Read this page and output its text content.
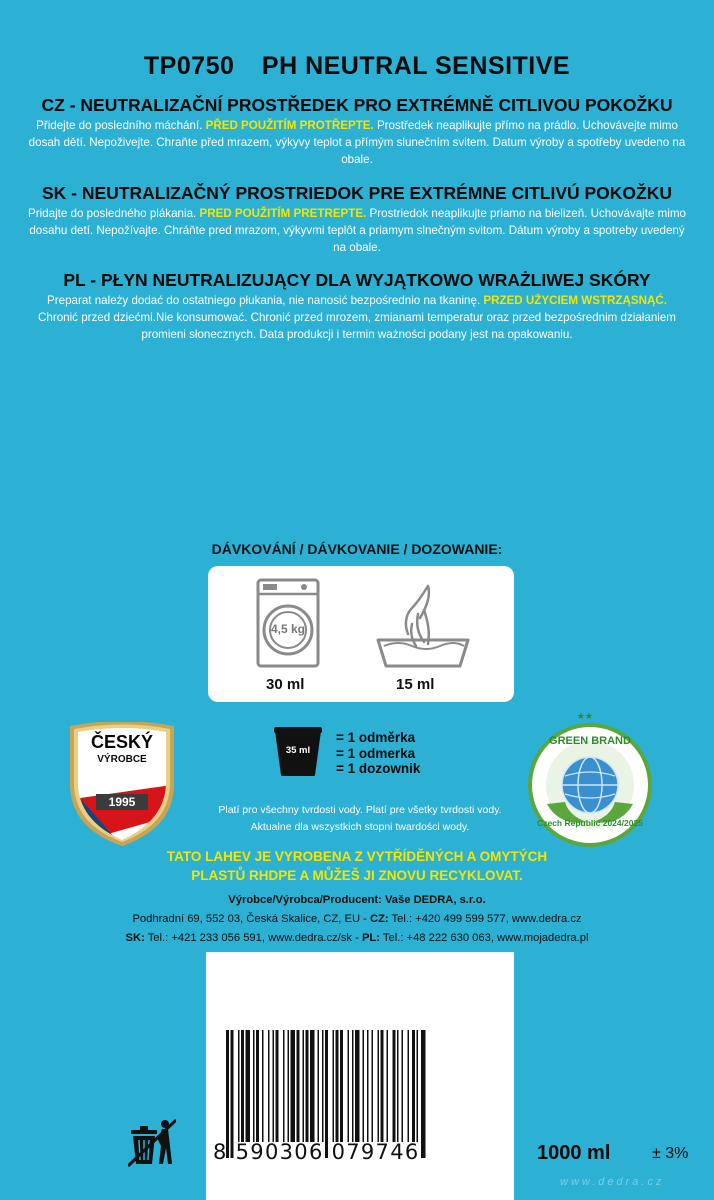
TP0750 PH NEUTRAL SENSITIVE
CZ - NEUTRALIZAČNÍ PROSTŘEDEK PRO EXTRÉMNĚ CITLIVOU POKOŽKU

Přidejte do posledního máchání. PŘED POUŽITÍM PROTŘEPTE. Prostředek neaplikujte přímo na prádlo. Uchovávejte mimo dosah dětí. Nepoživejte. Chraňte před mrazem, výkyvy teplot a přímým slunečním svitem. Datum výroby a spotřeby uvedeno na obale.

SK - NEUTRALIZAČNÝ PROSTRIEDOK PRE EXTRÉMNE CITLIVÚ POKOŽKU

Pridajte do posledného plákania. PRED POUŽITÍM PRETREPTE. Prostriedok neaplikujte priamo na bielizeň. Uchovávajte mimo dosahu detí. Nepožívajte. Chráňte pred mrazom, výkyvmi teplôt a priamym slnečným svitom. Dátum výroby a spotreby uvedený na obale.

PL - PŁYN NEUTRALIZUJĄCY DLA WYJĄTKOWO WRAŻLIWEJ SKÓRY

Preparat należy dodać do ostatniego płukania, nie nanosić bezpośrednio na tkaninę. PRZED UŻYCIEM WSTRZĄSNĄĆ. Chronić przed dziećmi.Nie konsumować. Chronić przed mrozem, zmianami temperatur oraz przed bezpośrednim działaniem promieni słonecznych. Data produkcji i termin ważności podany jest na opakowaniu.

DÁVKOVÁNÍ / DÁVKOVANIE / DOZOWANIE:
4,5 kg
30 ml	15 ml
35 ml
= 1 odměrka
= 1 odmerka
= 1 dozownik
ČESKÝ
VÝROBCE
1995
★★
GREEN BRAND
Czech Republic 2024/2025
Platí pro všechny tvrdosti vody. Platí pre všetky tvrdosti vody.
Aktualne dla wszystkich stopni twardości wody.
TATO LAHEV JE VYROBENA Z VYTŘÍDĚNÝCH A OMYTÝCH
PLASTŮ RHDPE A MŮŽEŠ JI ZNOVU RECYKLOVAT.
Výrobce/Výrobca/Producent: Vaše DEDRA, s.r.o.
Podhradní 69, 552 03, Česká Skalice, CZ, EU - CZ: Tel.: +420 499 599 577, www.dedra.cz
SK: Tel.: +421 233 056 591, www.dedra.cz/sk - PL: Tel.: +48 222 630 063, www.mojadedra.pl
8 590306 079746	1000 ml	± 3%
www.dedra.cz
